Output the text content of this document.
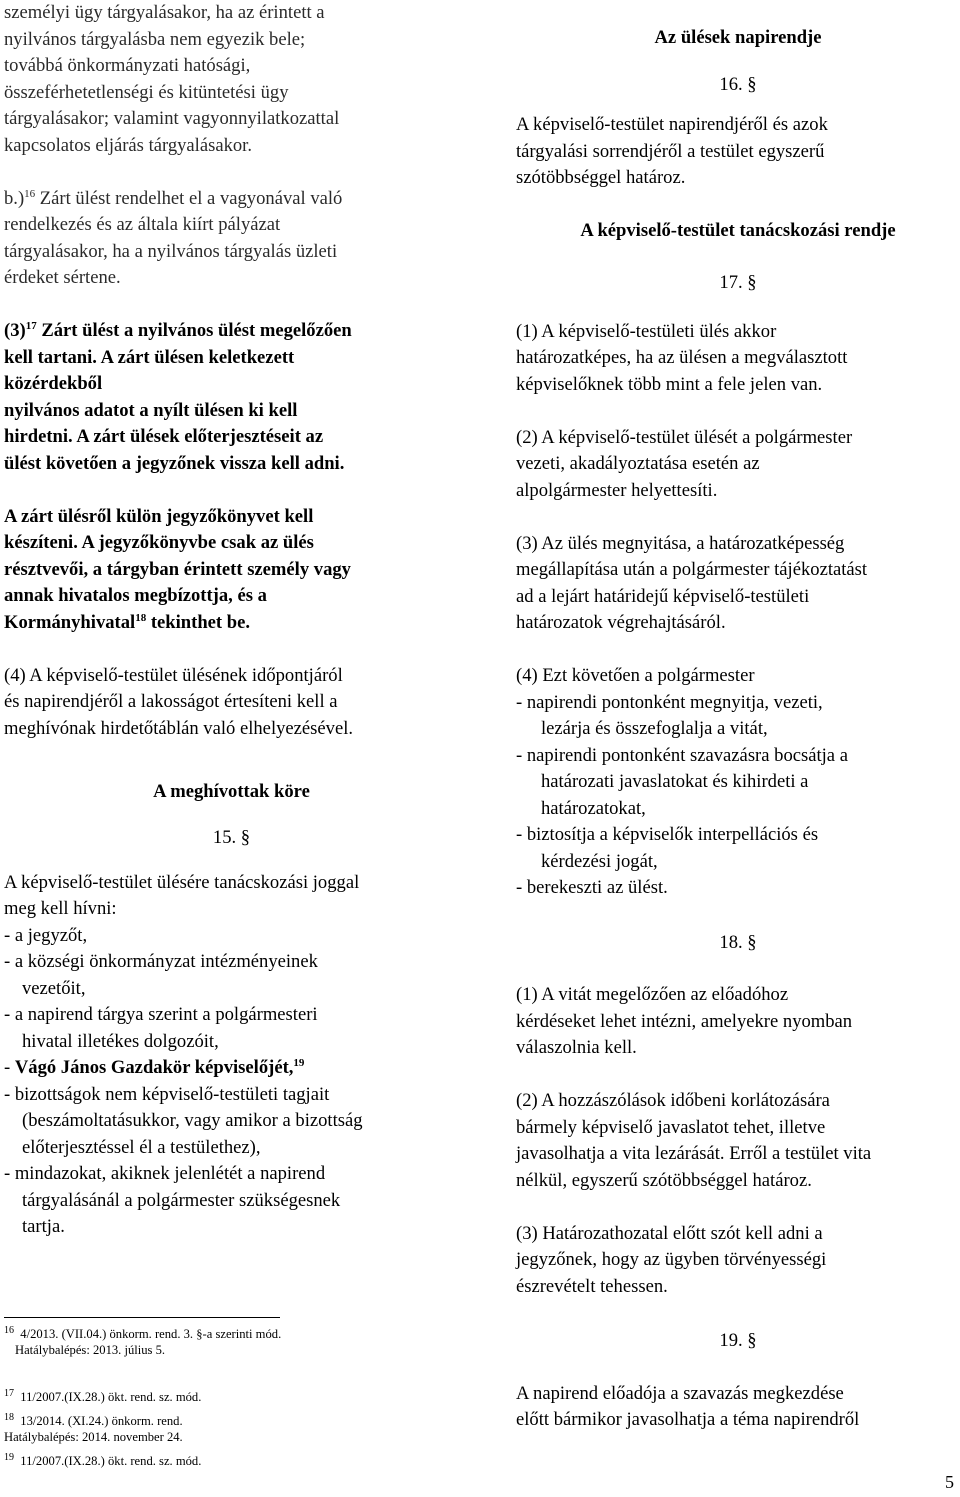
személyi ügy tárgyalásakor, ha az érintett a

nyilvános tárgyalásba nem egyezik bele;

továbbá önkormányzati hatósági,

összeférhetetlenségi és kitüntetési ügy

tárgyalásakor; valamint vagyonnyilatkozattal

kapcsolatos eljárás tárgyalásakor.

b.)$^{16}$ Zárt ülést rendelhet el a vagyonával való

rendelkezés és az általa kiírt pályázat

tárgyalásakor, ha a nyilvános tárgyalás üzleti

érdeket sértene.

$(3)^{17}$ Zárt ülést a nyilvános ülést megelőzően

kell tartani. A zárt ülésen keletkezett

közérdekből

nyilvános adatot a nyílt ülésen ki kell

hirdetni. A zárt ülések előterjesztéseit az

ülést követően a jegyzőnek vissza kell adni.

A zárt ülésről külön jegyzőkönyvet kell

készíteni. A jegyzőkönyvbe csak az ülés

résztvevői, a tárgyban érintett személy vagy

annak hivatalos megbízottja, és a

Kormányhivatal$^{18}$ tekinthet be.

(4) A képviselő-testület ülésének időpontjáról

és napirendjéről a lakosságot értesíteni kell a

meghívónak hirdetőtáblán való elhelyezésével.

A meghívottak köre

15. §

A képviselő-testület ülésére tanácskozási joggal

meg kell hívni:

- a jegyzőt,

- a községi önkormányzat intézményeinek

vezetőit,

- a napirend tárgya szerint a polgármesteri

hivatal illetékes dolgozóit,

- Vágó János Gazdakör képviselőjét,$^{19}$

- bizottságok nem képviselő-testületi tagjait

(beszámoltatásukkor, vagy amikor a bizottság

előterjesztéssel él a testülethez),

- mindazokat, akiknek jelenlétét a napirend

tárgyalásánál a polgármester szükségesnek

tartja.

$^{16}$ 4/2013. (VII.04.) önkorm. rend. 3. §-a szerinti mód.
Hatálybalépés: 2013. július 5.
$^{17}$ 11/2007.(IX.28.) ökt. rend. sz. mód.
$^{18}$ 13/2014. (XI.24.) önkorm. rend.
Hatálybalépés: 2014. november 24.
$^{19}$ 11/2007.(IX.28.) ökt. rend. sz. mód.

Az ülések napirendje

16. §

A képviselő-testület napirendjéről és azok

tárgyalási sorrendjéről a testület egyszerű

szótöbbséggel határoz.

A képviselő-testület tanácskozási rendje

17. §

(1) A képviselő-testületi ülés akkor

határozatképes, ha az ülésen a megválasztott

képviselőknek több mint a fele jelen van.

(2) A képviselő-testület ülését a polgármester

vezeti, akadályoztatása esetén az

alpolgármester helyettesíti.

(3) Az ülés megnyitása, a határozatképesség

megállapítása után a polgármester tájékoztatást

ad a lejárt határidejű képviselő-testületi

határozatok végrehajtásáról.

(4) Ezt követően a polgármester

- napirendi pontonként megnyitja, vezeti,

lezárja és összefoglalja a vitát,

- napirendi pontonként szavazásra bocsátja a

határozati javaslatokat és kihirdeti a

határozatokat,

- biztosítja a képviselők interpellációs és

kérdezési jogát,

- berekeszti az ülést.

18. §

(1) A vitát megelőzően az előadóhoz

kérdéseket lehet intézni, amelyekre nyomban

válaszolnia kell.

(2) A hozzászólások időbeni korlátozására

bármely képviselő javaslatot tehet, illetve

javasolhatja a vita lezárását. Erről a testület vita

nélkül, egyszerű szótöbbséggel határoz.

(3) Határozathozatal előtt szót kell adni a

jegyzőnek, hogy az ügyben törvényességi

észrevételt tehessen.

19. §

A napirend előadója a szavazás megkezdése

előtt bármikor javasolhatja a téma napirendről

5
